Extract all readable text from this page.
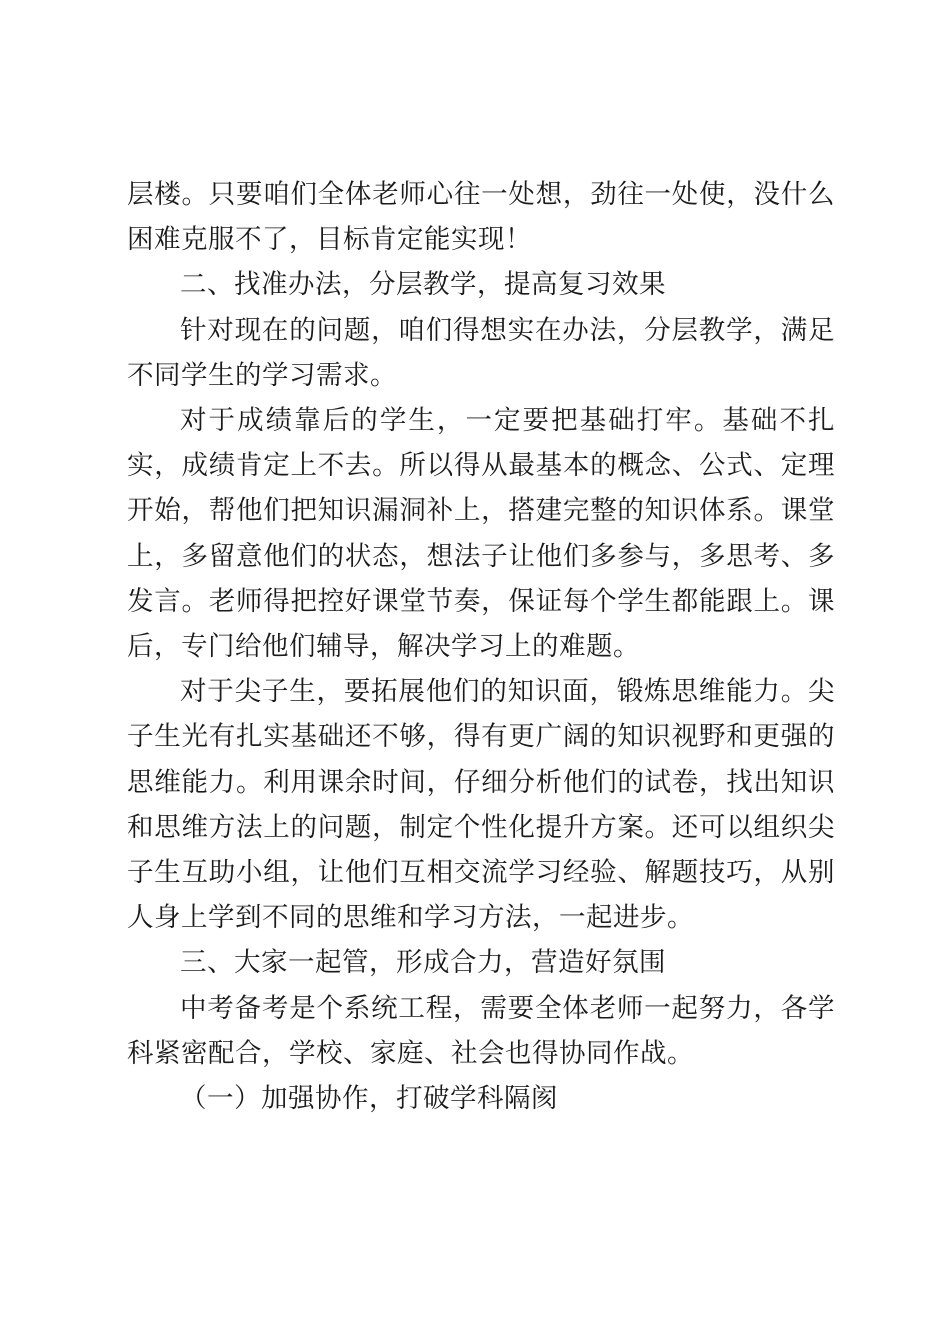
层楼。只要咱们全体老师心往一处想，劲往一处使，没什么困难克服不了，目标肯定能实现！

二、找准办法，分层教学，提高复习效果

针对现在的问题，咱们得想实在办法，分层教学，满足不同学生的学习需求。

对于成绩靠后的学生，一定要把基础打牢。基础不扎实，成绩肯定上不去。所以得从最基本的概念、公式、定理开始，帮他们把知识漏洞补上，搭建完整的知识体系。课堂上，多留意他们的状态，想法子让他们多参与，多思考、多发言。老师得把控好课堂节奏，保证每个学生都能跟上。课后，专门给他们辅导，解决学习上的难题。

对于尖子生，要拓展他们的知识面，锻炼思维能力。尖子生光有扎实基础还不够，得有更广阔的知识视野和更强的思维能力。利用课余时间，仔细分析他们的试卷，找出知识和思维方法上的问题，制定个性化提升方案。还可以组织尖子生互助小组，让他们互相交流学习经验、解题技巧，从别人身上学到不同的思维和学习方法，一起进步。

三、大家一起管，形成合力，营造好氛围

中考备考是个系统工程，需要全体老师一起努力，各学科紧密配合，学校、家庭、社会也得协同作战。

（一）加强协作，打破学科隔阂
